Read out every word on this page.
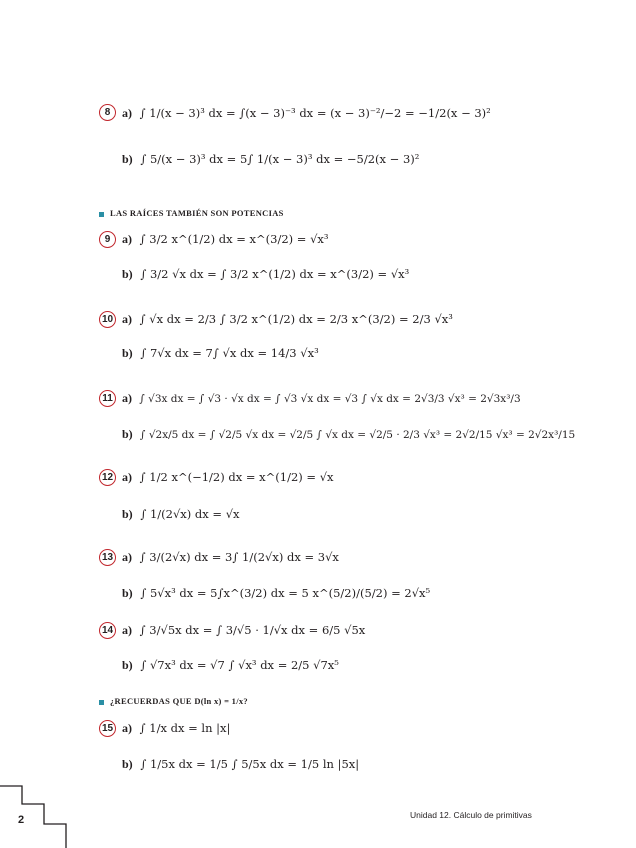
8 a) ∫ 1/(x − 3)³ dx = ∫(x − 3)⁻³ dx = (x − 3)⁻²/−2 = −1/2(x − 3)²
b) ∫ 5/(x − 3)³ dx = 5∫ 1/(x − 3)³ dx = −5/2(x − 3)²
LAS RAÍCES TAMBIÉN SON POTENCIAS
9 a) ∫ 3/2 x^(1/2) dx = x^(3/2) = √x³
b) ∫ 3/2 √x dx = ∫ 3/2 x^(1/2) dx = x^(3/2) = √x³
10 a) ∫ √x dx = 2/3 ∫ 3/2 x^(1/2) dx = 2/3 x^(3/2) = 2/3 √x³
b) ∫ 7√x dx = 7∫ √x dx = 14/3 √x³
11 a) ∫ √3x dx = ∫ √3 · √x dx = ∫ √3 √x dx = √3 ∫ √x dx = 2√3/3 √x³ = 2√3x³/3
b) ∫ √2x/5 dx = ∫ √2/5 √x dx = √2/5 ∫ √x dx = √2/5 · 2/3 √x³ = 2√2/15 √x³ = 2√2x³/15
12 a) ∫ 1/2 x^(−1/2) dx = x^(1/2) = √x
b) ∫ 1/(2√x) dx = √x
13 a) ∫ 3/(2√x) dx = 3∫ 1/(2√x) dx = 3√x
b) ∫ 5√x³ dx = 5∫x^(3/2) dx = 5 x^(5/2)/(5/2) = 2√x⁵
14 a) ∫ 3/√5x dx = ∫ 3/√5 · 1/√x dx = 6/5 √5x
b) ∫ √7x³ dx = √7 ∫ √x³ dx = 2/5 √7x⁵
¿RECUERDAS QUE D(ln x) = 1/x?
15 a) ∫ 1/x dx = ln |x|
b) ∫ 1/5x dx = 1/5 ∫ 5/5x dx = 1/5 ln |5x|
2	Unidad 12. Cálculo de primitivas
